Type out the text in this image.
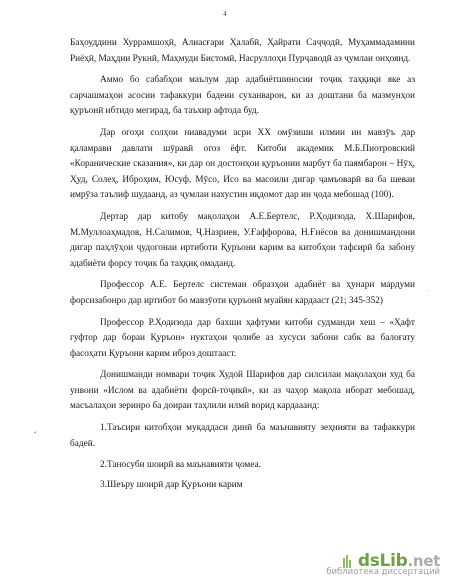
4
•
·

Баҳоуддини Хуррамшоҳӣ, Алиасғари Ҳалабӣ, Ҳайрати Саҷҷодӣ, Муҳаммадамини Риёҳӣ, Маҳдии Рукнӣ, Маҳмуди Бистомӣ, Насруллоҳи Пурҷаводӣ аз ҷумлаи онҳоянд.

Аммо бо сабабҳои маълум дар адабиётшиносии тоҷик таҳқиқи яке аз сарчашмаҳои асосии тафаккури бадеии суханварон, ки аз доштани ба мазмунҳои қуръонӣ ибтидо мегирад, ба таъхир афтода буд.

Дар огоҳи солҳои ниавадуми асри ХХ омӯзиши илмии ин мавзӯъ дар қаламрави давлати шӯравӣ огоз ёфт. Китоби академик М.Б.Пиотровский «Коранические сказания», ки дар он достонҳои қуръонии марбут ба паямбарон – Нӯҳ, Ҳуд, Солеҳ, Иброҳим, Юсуф, Мӯсо, Исо ва масоили дигар ҷамъоварӣ ва ба шеваи имрӯза таълиф шудаанд, аз ҷумлаи нахустин иқдомот дар ин ҷода мебошад (100).

Дертар дар китобу мақолаҳои А.Е.Бертелс, Р.Ҳодизода, Х.Шарифов, М.Муллоаҳмадов, Н.Салимов, Ҷ.Назриев, У.Ғаффорова, Н.Ғиёсов ва донишмандони дигар паҳлӯҳои ҷудогонаи иртиботи Қуръони карим ва китобҳои тафсирӣ ба забону адабиёти форсу тоҷик ба таҳқиқ омаданд.

Профессор А.Е. Бертелс системаи образҳои адабиёт ва ҳунари мардуми форсизабонро дар иртибот бо мавзӯоти қуръонӣ муайян кардааст (21; 345-352)

Профессор Р.Ҳодизода дар бахши ҳафтуми китоби судманди хеш – «Ҳафт гуфтор дар бораи Қуръон» нуктаҳои ҷолибе аз хусуси забони сабк ва балоғату фасоҳати Қуръони карим иброз доштааст.

Донишманди номвари тоҷик Худой Шарифов дар силсилаи мақолаҳои худ ба унвони «Ислом ва адабиёти форсӣ-тоҷикӣ», ки аз чаҳор мақола иборат мебошад, масъалаҳои зеринро ба доираи таҳлили илмӣ ворид кардааанд:

1.Таъсири китобҳои муқаддаси динӣ ба маънавияту зеҳнияти ва тафаккури бадеӣ.
2.Таносуби шоирӣ ва маънавияти ҷомеа.
3.Шеъру шоирӣ дар Қуръони карим
dsLib.net
библиотека диссертаций
